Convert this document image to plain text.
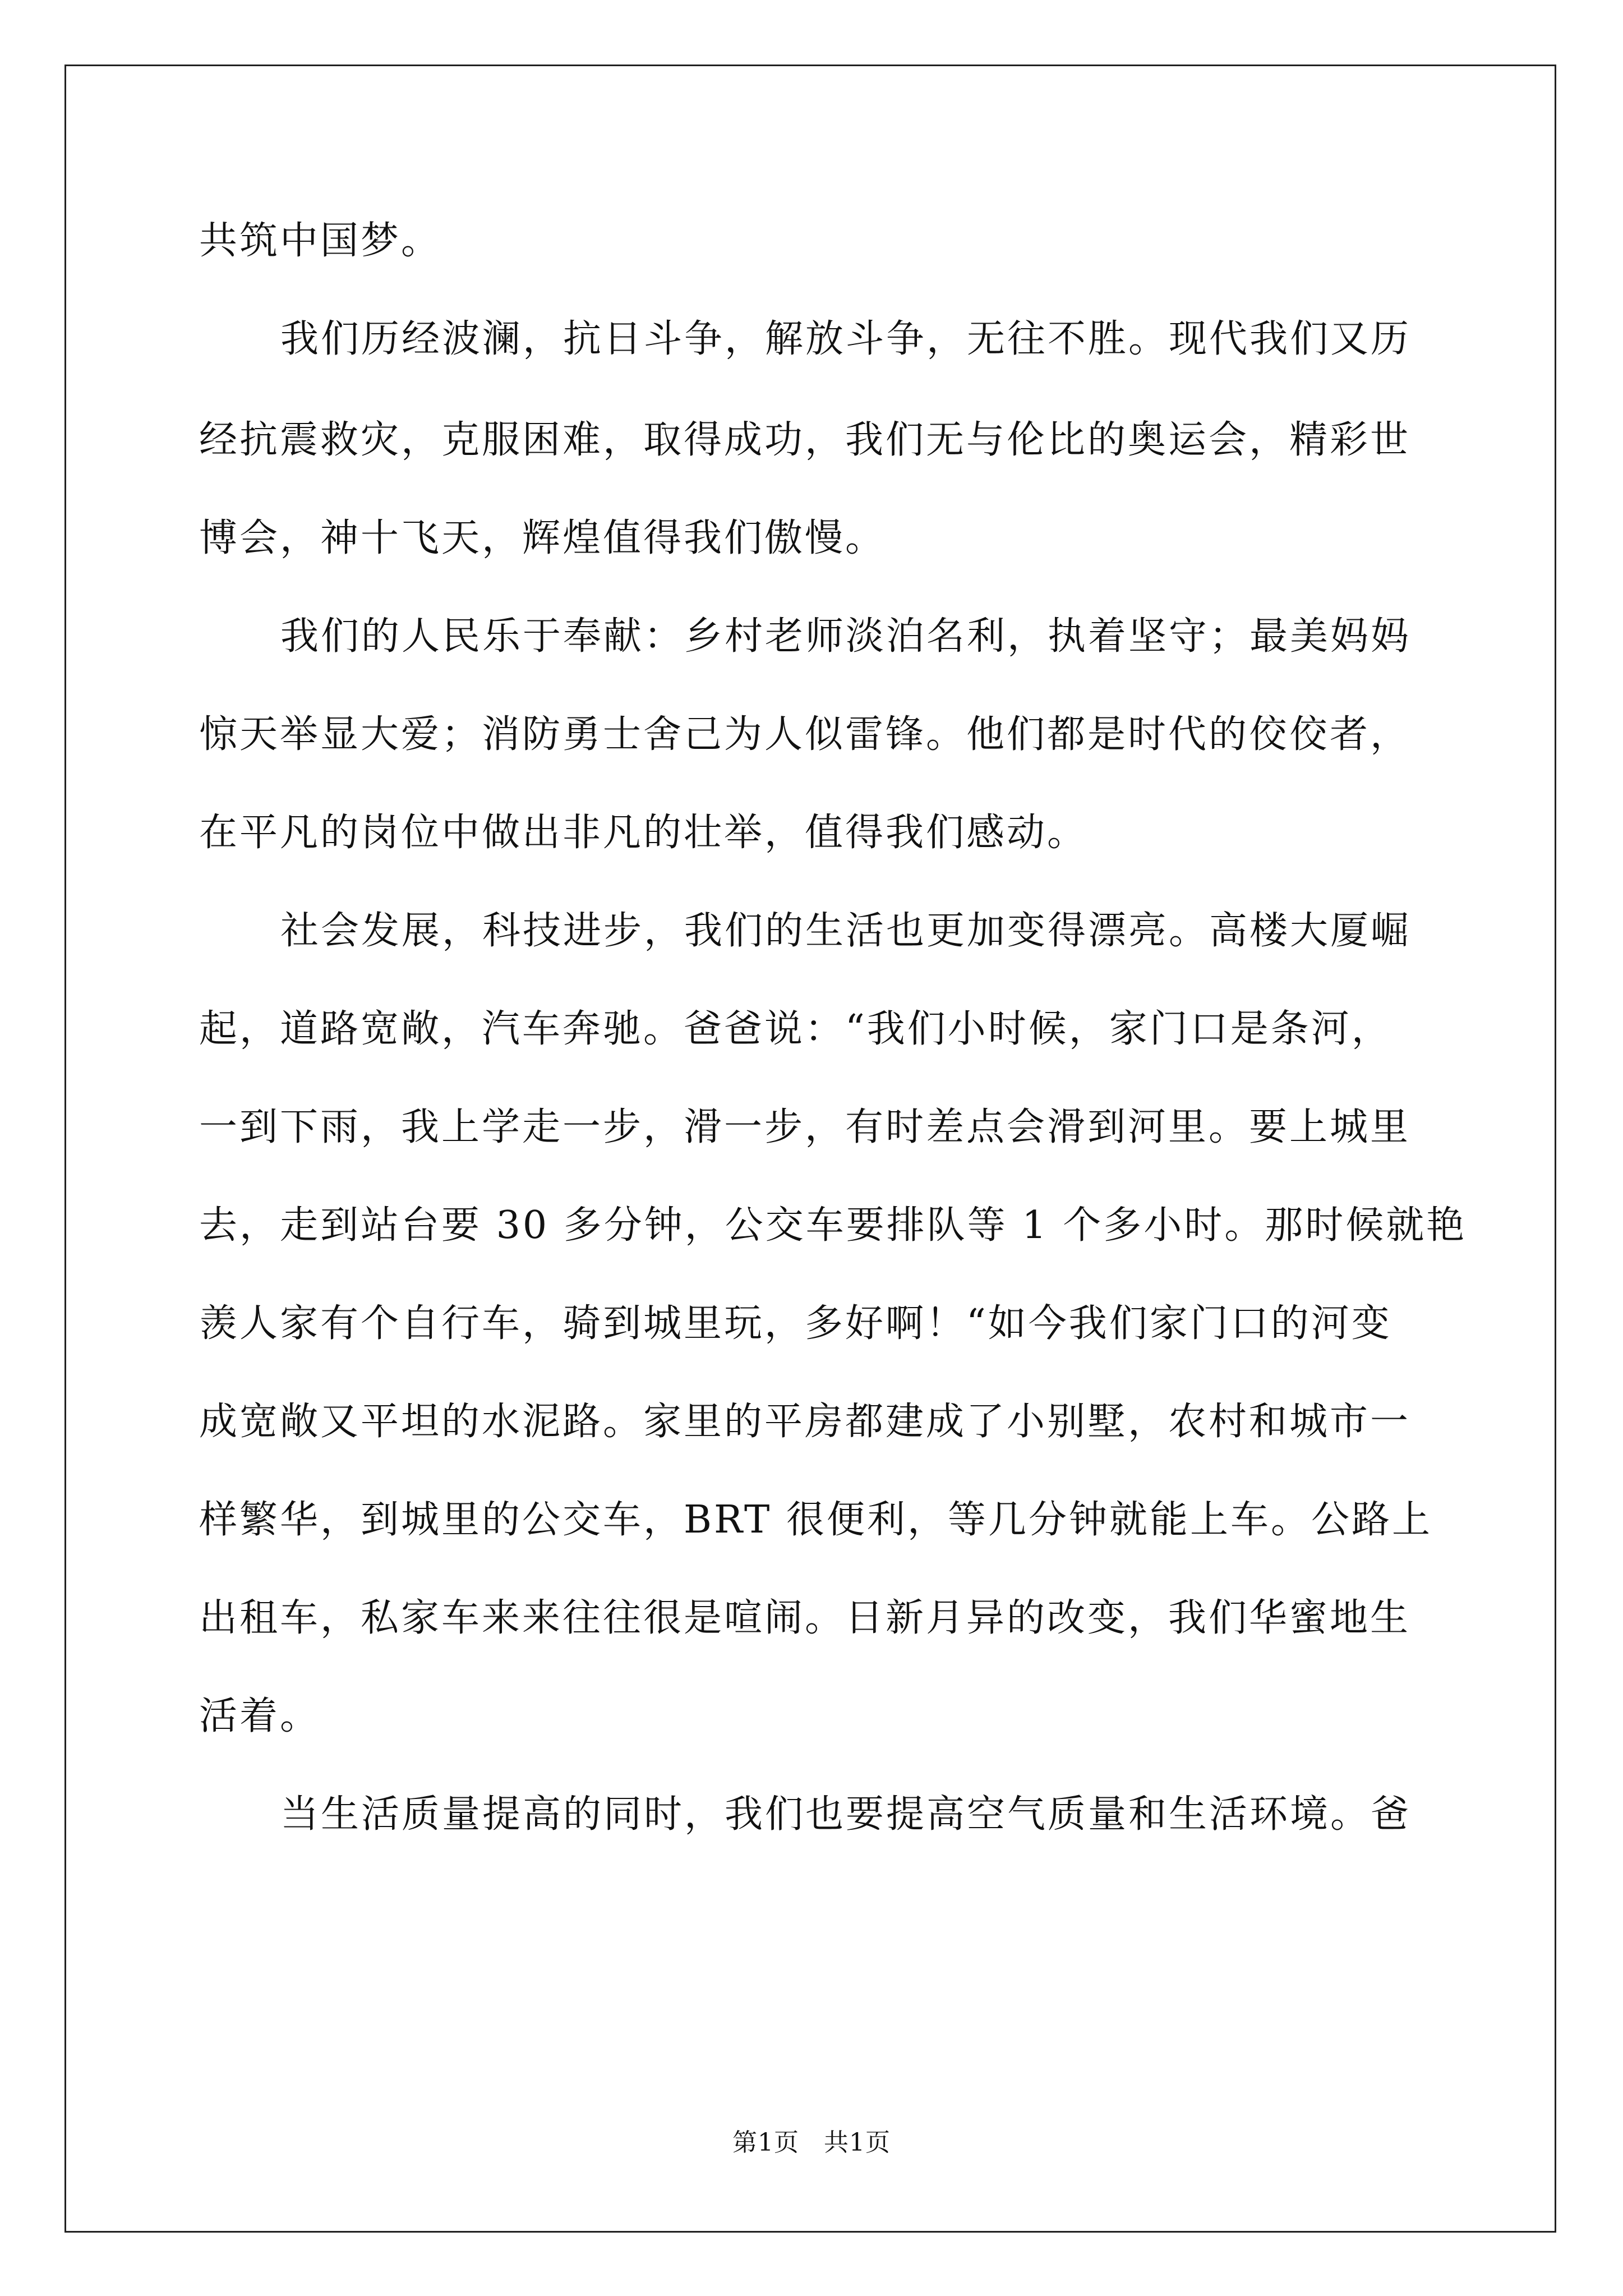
共筑中国梦。
我们历经波澜，抗日斗争，解放斗争，无往不胜。现代我们又历
经抗震救灾，克服困难，取得成功，我们无与伦比的奥运会，精彩世
博会，神十飞天，辉煌值得我们傲慢。
我们的人民乐于奉献：乡村老师淡泊名利，执着坚守；最美妈妈
惊天举显大爱；消防勇士舍己为人似雷锋。他们都是时代的佼佼者，
在平凡的岗位中做出非凡的壮举，值得我们感动。
社会发展，科技进步，我们的生活也更加变得漂亮。高楼大厦崛
起，道路宽敞，汽车奔驰。爸爸说：“我们小时候，家门口是条河，
一到下雨，我上学走一步，滑一步，有时差点会滑到河里。要上城里
去，走到站台要 30 多分钟，公交车要排队等 1 个多小时。那时候就艳
羡人家有个自行车，骑到城里玩，多好啊！“如今我们家门口的河变
成宽敞又平坦的水泥路。家里的平房都建成了小别墅，农村和城市一
样繁华，到城里的公交车，BRT 很便利，等几分钟就能上车。公路上
出租车，私家车来来往往很是喧闹。日新月异的改变，我们华蜜地生
活着。
当生活质量提高的同时，我们也要提高空气质量和生活环境。爸
第1页 共1页
